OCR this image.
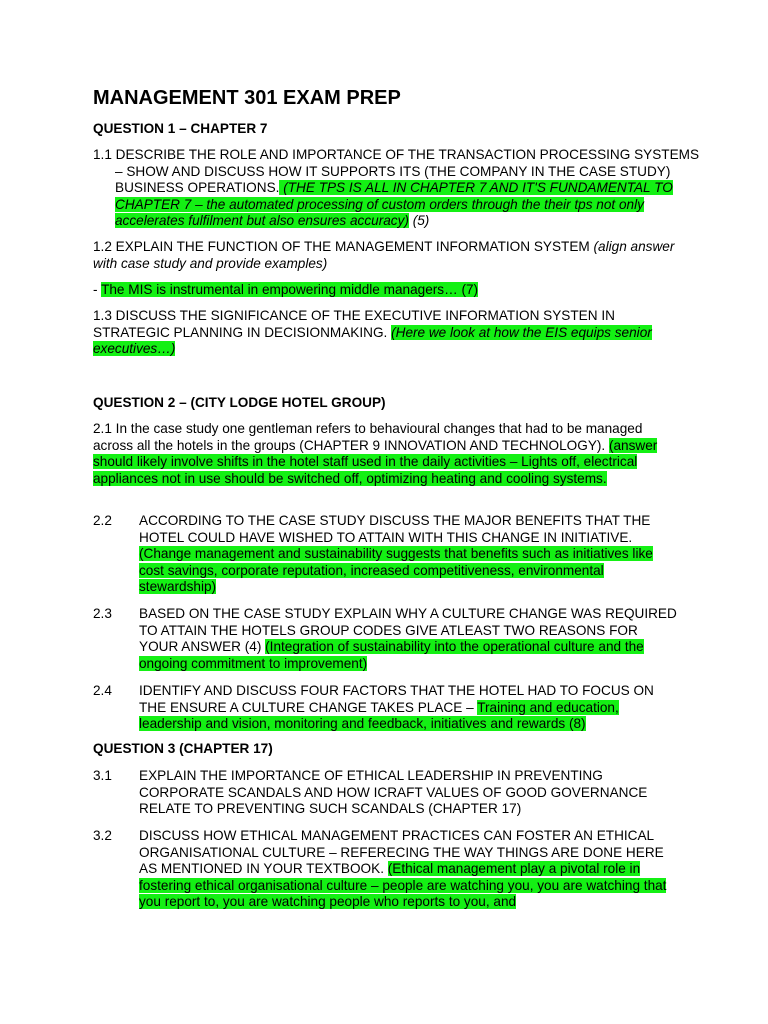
MANAGEMENT 301 EXAM PREP
QUESTION 1 – CHAPTER 7
1.1 DESCRIBE THE ROLE AND IMPORTANCE OF THE TRANSACTION PROCESSING SYSTEMS – SHOW AND DISCUSS HOW IT SUPPORTS ITS (THE COMPANY IN THE CASE STUDY) BUSINESS OPERATIONS. (THE TPS IS ALL IN CHAPTER 7 AND IT'S FUNDAMENTAL TO CHAPTER 7 – the automated processing of custom orders through the their tps not only accelerates fulfilment but also ensures accuracy) (5)
1.2 EXPLAIN THE FUNCTION OF THE MANAGEMENT INFORMATION SYSTEM (align answer with case study and provide examples)
- The MIS is instrumental in empowering middle managers… (7)
1.3 DISCUSS THE SIGNIFICANCE OF THE EXECUTIVE INFORMATION SYSTEN IN STRATEGIC PLANNING IN DECISIONMAKING. (Here we look at how the EIS equips senior executives…)
QUESTION 2 – (CITY LODGE HOTEL GROUP)
2.1 In the case study one gentleman refers to behavioural changes that had to be managed across all the hotels in the groups (CHAPTER 9 INNOVATION AND TECHNOLOGY). (answer should likely involve shifts in the hotel staff used in the daily activities – Lights off, electrical appliances not in use should be switched off, optimizing heating and cooling systems.
2.2	ACCORDING TO THE CASE STUDY DISCUSS THE MAJOR BENEFITS THAT THE HOTEL COULD HAVE WISHED TO ATTAIN WITH THIS CHANGE IN INITIATIVE. (Change management and sustainability suggests that benefits such as initiatives like cost savings, corporate reputation, increased competitiveness, environmental stewardship)
2.3	BASED ON THE CASE STUDY EXPLAIN WHY A CULTURE CHANGE WAS REQUIRED TO ATTAIN THE HOTELS GROUP CODES GIVE ATLEAST TWO REASONS FOR YOUR ANSWER (4) (Integration of sustainability into the operational culture and the ongoing commitment to improvement)
2.4	IDENTIFY AND DISCUSS FOUR FACTORS THAT THE HOTEL HAD TO FOCUS ON THE ENSURE A CULTURE CHANGE TAKES PLACE – Training and education, leadership and vision, monitoring and feedback, initiatives and rewards (8)
QUESTION 3 (CHAPTER 17)
3.1	EXPLAIN THE IMPORTANCE OF ETHICAL LEADERSHIP IN PREVENTING CORPORATE SCANDALS AND HOW ICRAFT VALUES OF GOOD GOVERNANCE RELATE TO PREVENTING SUCH SCANDALS (CHAPTER 17)
3.2	DISCUSS HOW ETHICAL MANAGEMENT PRACTICES CAN FOSTER AN ETHICAL ORGANISATIONAL CULTURE – REFERECING THE WAY THINGS ARE DONE HERE AS MENTIONED IN YOUR TEXTBOOK. (Ethical management play a pivotal role in fostering ethical organisational culture – people are watching you, you are watching that you report to, you are watching people who reports to you, and
